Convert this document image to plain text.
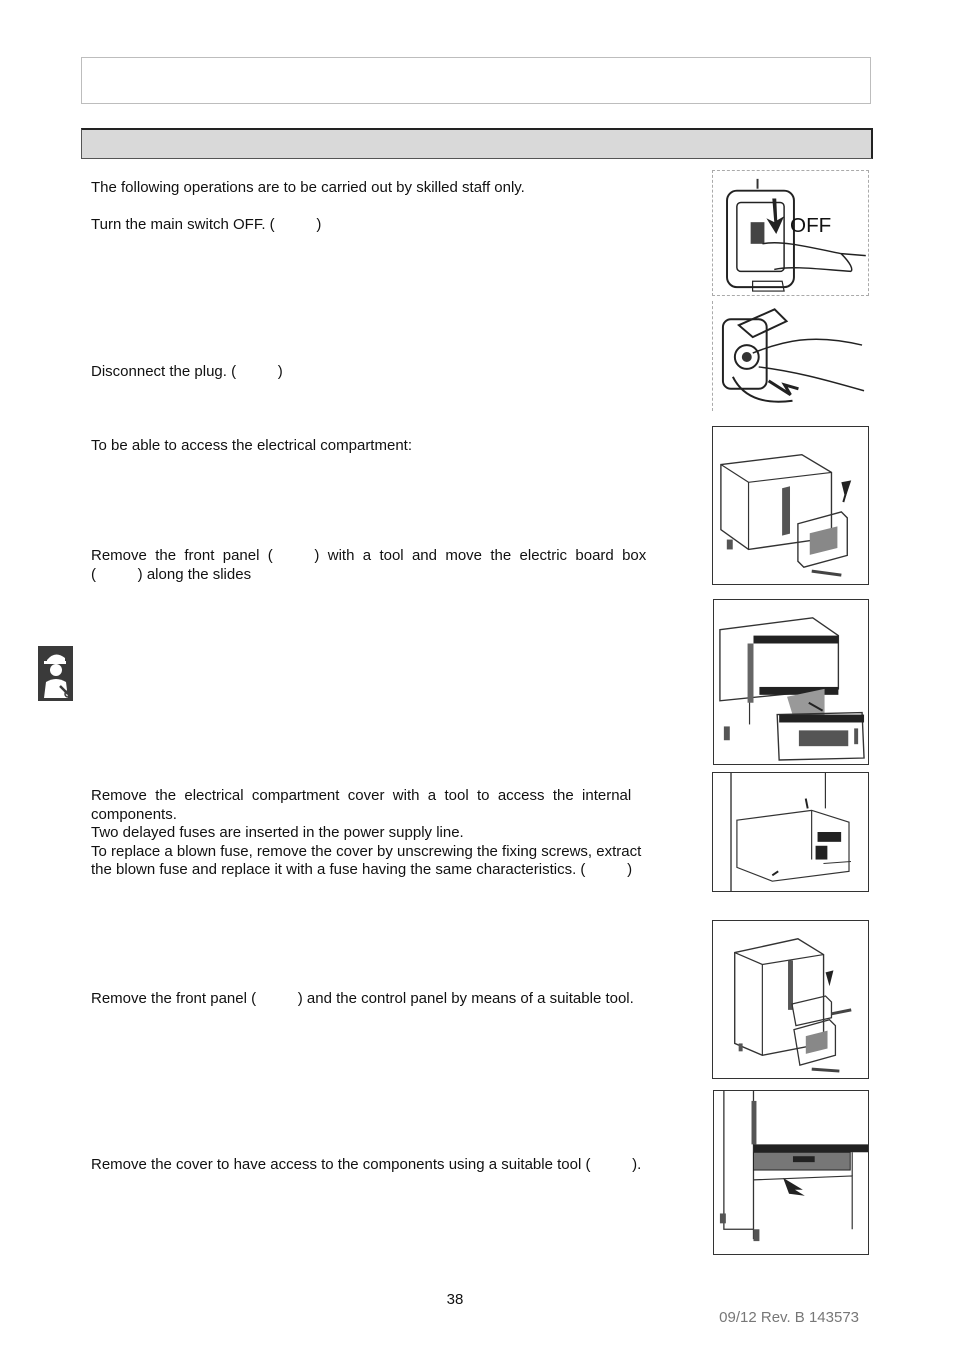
The following operations are to be carried out by skilled staff only.
Turn the main switch OFF. (          )
Disconnect the plug. (          )
To be able to access the electrical compartment:
Remove  the  front  panel  (          )  with  a  tool  and  move  the  electric  board  box
(          ) along the slides
Remove  the  electrical  compartment  cover  with  a  tool  to  access  the  internal
components.
Two delayed fuses are inserted in the power supply line.
To replace a blown fuse, remove the cover by unscrewing the fixing screws, extract
the blown fuse and replace it with a fuse having the same characteristics. (          )
Remove the front panel (          ) and the control panel by means of a suitable tool.
Remove the cover to have access to the components using a suitable tool (          ).
OFF
38
09/12 Rev. B 143573
